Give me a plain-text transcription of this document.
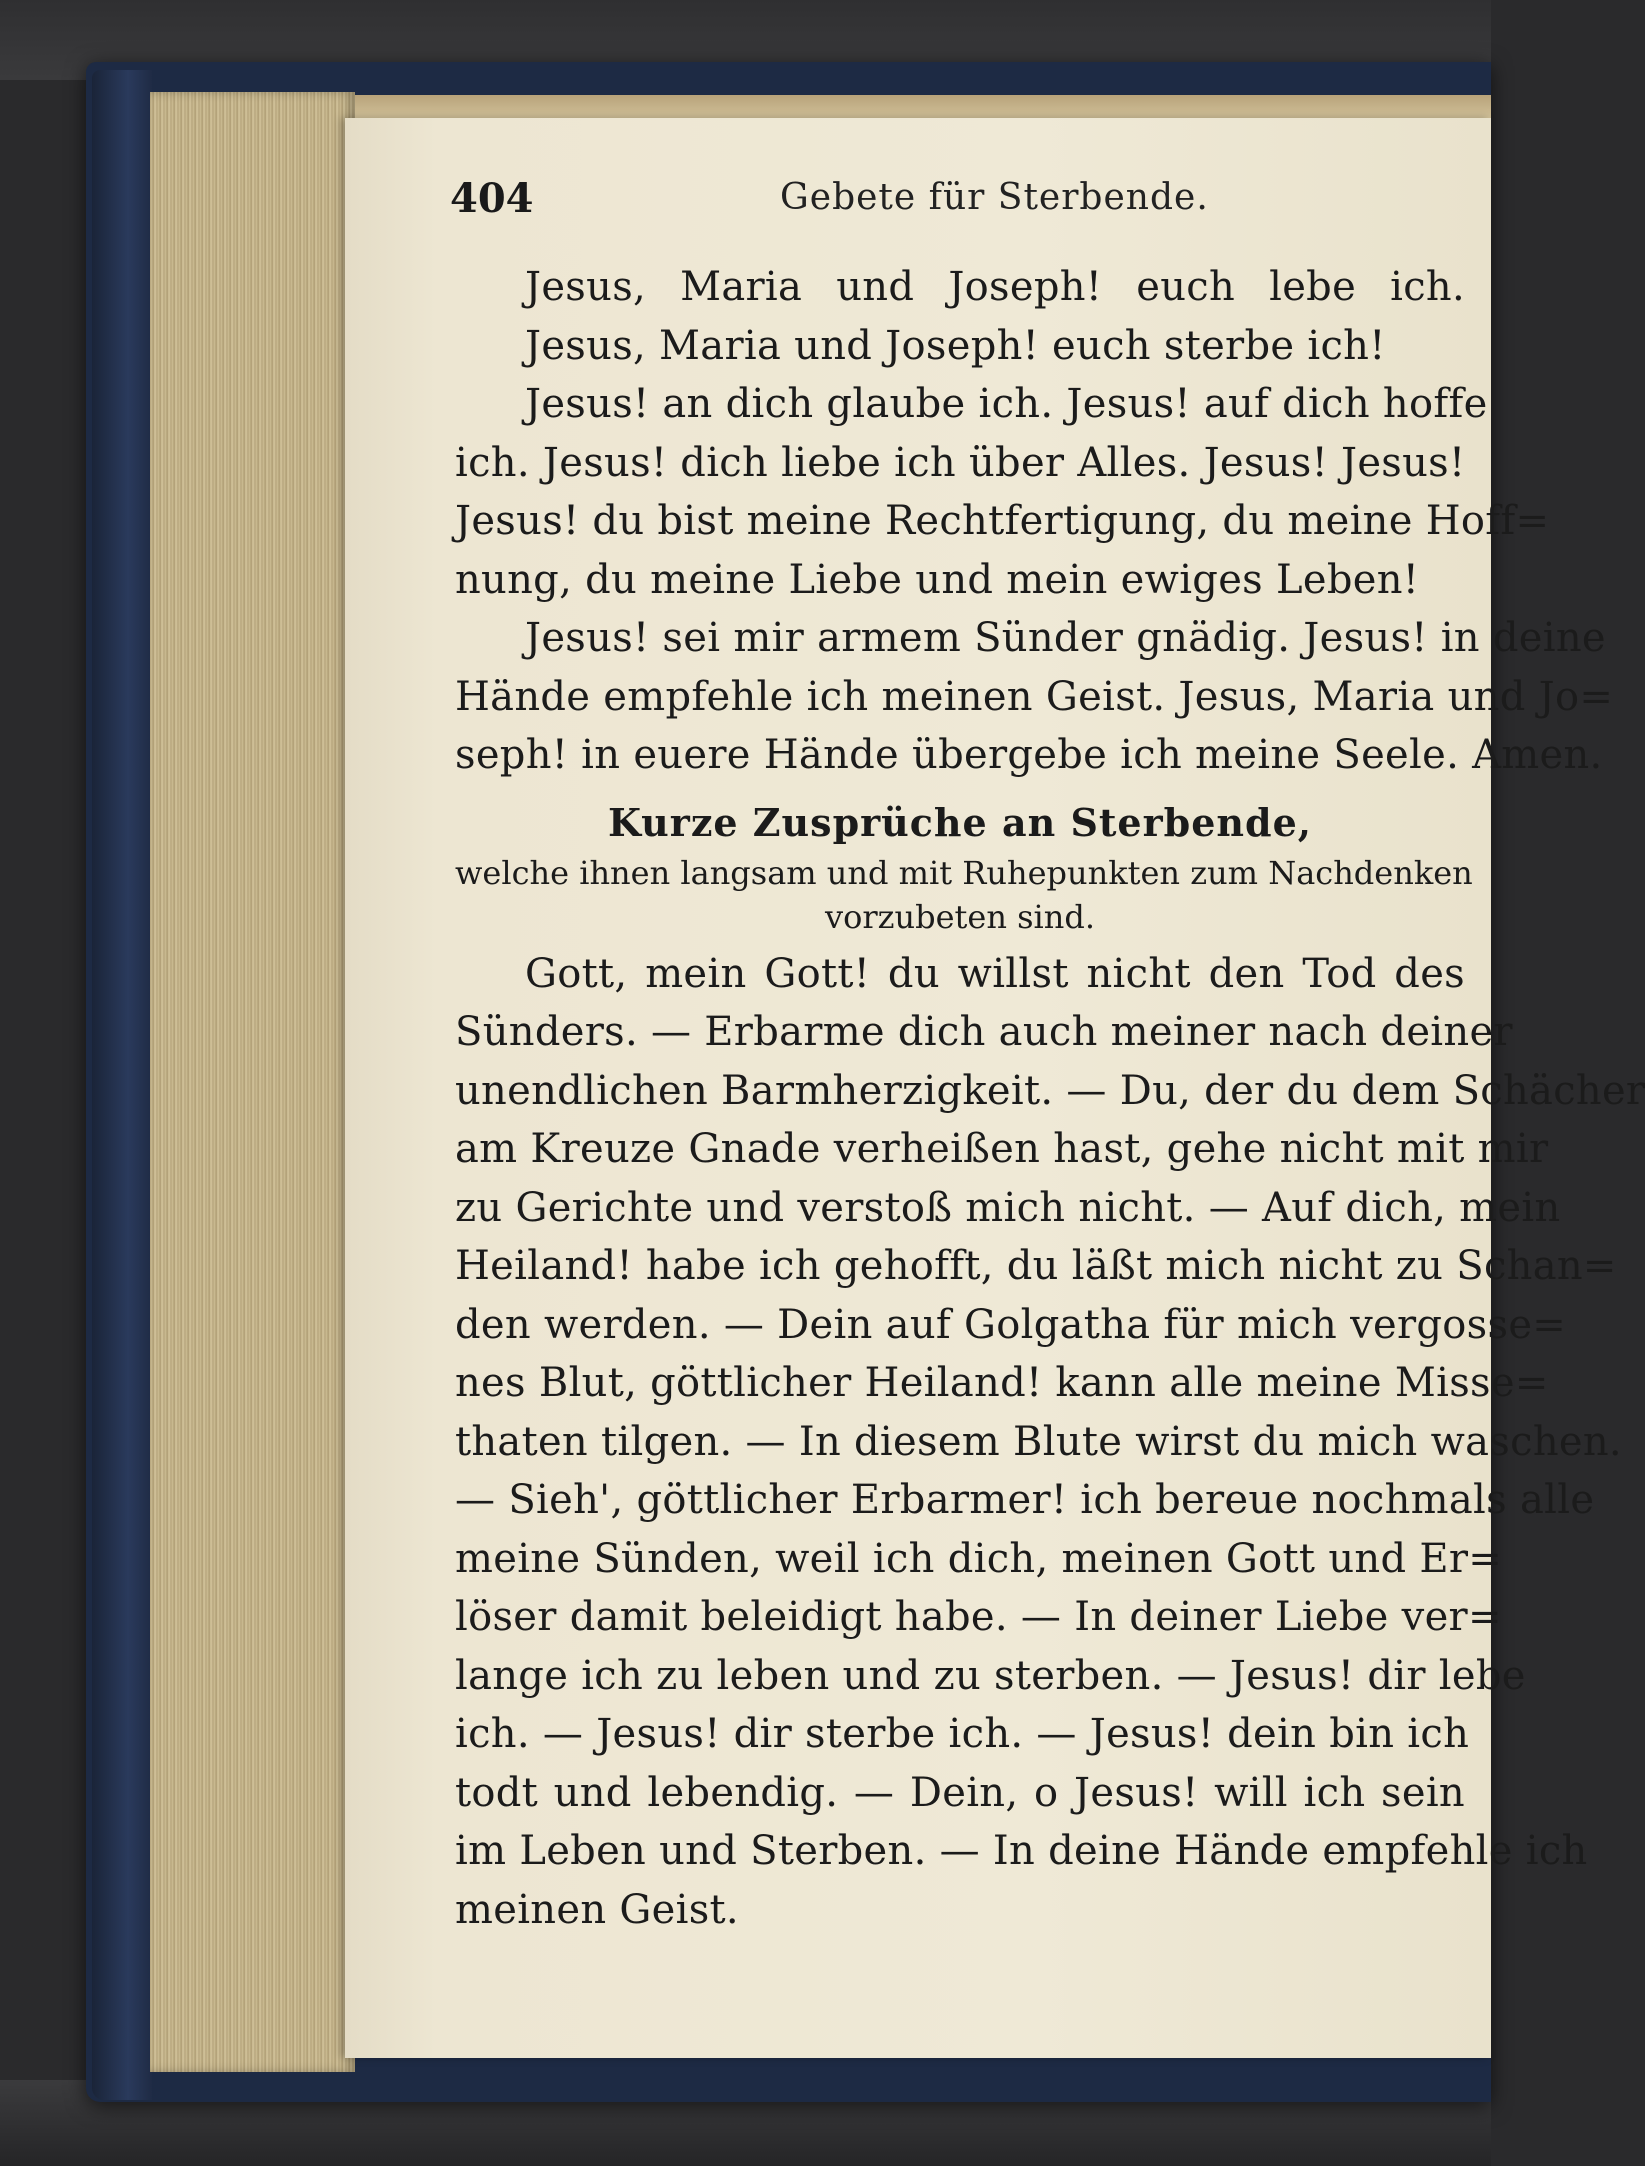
404	Gebete für Sterbende.
Jesus, Maria und Joseph! euch lebe ich.
Jesus, Maria und Joseph! euch sterbe ich!
Jesus! an dich glaube ich. Jesus! auf dich hoffe
ich. Jesus! dich liebe ich über Alles. Jesus! Jesus!
Jesus! du bist meine Rechtfertigung, du meine Hoff=
nung, du meine Liebe und mein ewiges Leben!
Jesus! sei mir armem Sünder gnädig. Jesus! in deine
Hände empfehle ich meinen Geist. Jesus, Maria und Jo=
seph! in euere Hände übergebe ich meine Seele. Amen.
Kurze Zusprüche an Sterbende,
welche ihnen langsam und mit Ruhepunkten zum Nachdenken
vorzubeten sind.
Gott, mein Gott! du willst nicht den Tod des
Sünders. — Erbarme dich auch meiner nach deiner
unendlichen Barmherzigkeit. — Du, der du dem Schächer
am Kreuze Gnade verheißen hast, gehe nicht mit mir
zu Gerichte und verstoß mich nicht. — Auf dich, mein
Heiland! habe ich gehofft, du läßt mich nicht zu Schan=
den werden. — Dein auf Golgatha für mich vergosse=
nes Blut, göttlicher Heiland! kann alle meine Misse=
thaten tilgen. — In diesem Blute wirst du mich waschen.
— Sieh', göttlicher Erbarmer! ich bereue nochmals alle
meine Sünden, weil ich dich, meinen Gott und Er=
löser damit beleidigt habe. — In deiner Liebe ver=
lange ich zu leben und zu sterben. — Jesus! dir lebe
ich. — Jesus! dir sterbe ich. — Jesus! dein bin ich
todt und lebendig. — Dein, o Jesus! will ich sein
im Leben und Sterben. — In deine Hände empfehle ich
meinen Geist.
